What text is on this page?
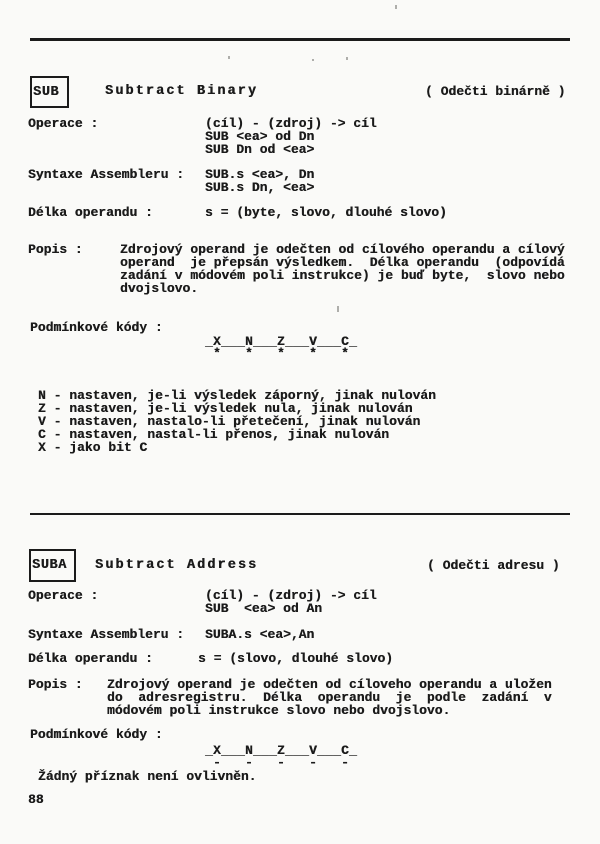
SUB	Subtract Binary	( Odečti binárně )
Operace :	(cíl) - (zdroj) -> cíl
SUB <ea> od Dn
SUB Dn od <ea>
Syntaxe Assembleru : SUB.s <ea>, Dn
SUB.s Dn, <ea>
Délka operandu :	s = (byte, slovo, dlouhé slovo)
Popis :	Zdrojový operand je odečten od cílového operandu a cílový
operand  je přepsán výsledkem.  Délka operandu  (odpovídá
zadání v módovém poli instrukce) je buď byte,  slovo nebo
dvojslovo.
Podmínkové kódy :
_X___N___Z___V___C_
*   *   *   *   *
N - nastaven, je-li výsledek záporný, jinak nulován
Z - nastaven, je-li výsledek nula, jinak nulován
V - nastaven, nastalo-li přetečení, jinak nulován
C - nastaven, nastal-li přenos, jinak nulován
X - jako bit C
SUBA Subtract Address	( Odečti adresu )
Operace :	(cíl) - (zdroj) -> cíl
SUB  <ea> od An
Syntaxe Assembleru : SUBA.s <ea>,An
Délka operandu :	s = (slovo, dlouhé slovo)
Popis : Zdrojový operand je odečten od cíloveho operandu a uložen
do  adresregistru.  Délka  operandu  je  podle  zadání  v
módovém poli instrukce slovo nebo dvojslovo.
Podmínkové kódy :
_X___N___Z___V___C_
-   -   -   -   -
Žádný příznak není ovlivněn.
88
